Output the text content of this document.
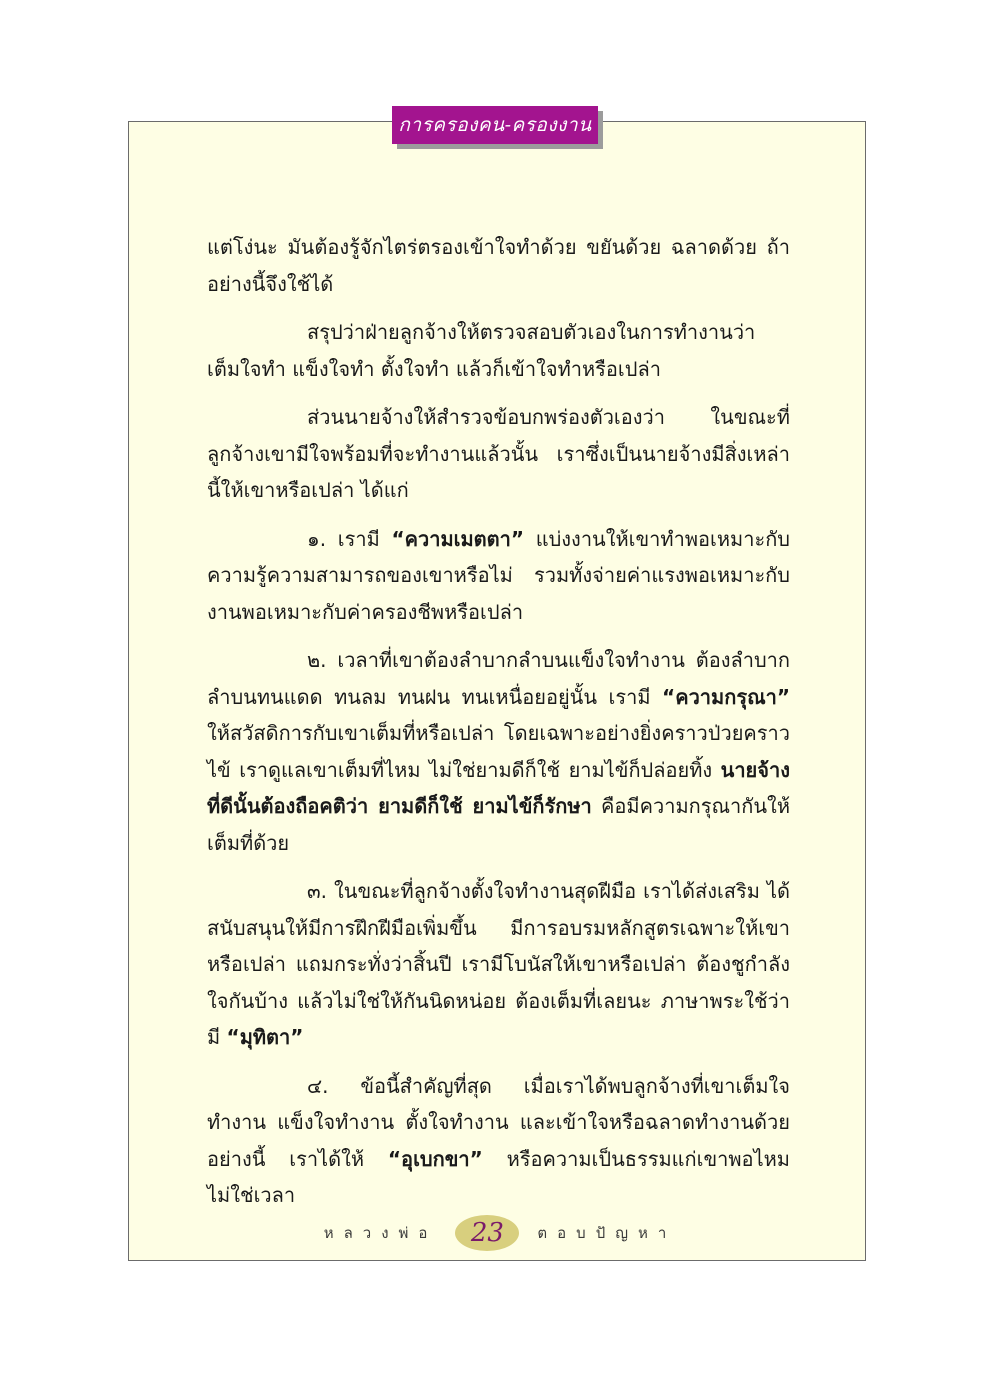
การครองคน-ครองงาน

แต่โง่นะ มันต้องรู้จักไตร่ตรองเข้าใจทำด้วย ขยันด้วย ฉลาดด้วย ถ้าอย่างนี้จึงใช้ได้

สรุปว่าฝ่ายลูกจ้างให้ตรวจสอบตัวเองในการทำงานว่า เต็มใจทำ แข็งใจทำ ตั้งใจทำ แล้วก็เข้าใจทำหรือเปล่า

ส่วนนายจ้างให้สำรวจข้อบกพร่องตัวเองว่า ในขณะที่ลูกจ้างเขามีใจพร้อมที่จะทำงานแล้วนั้น เราซึ่งเป็นนายจ้างมีสิ่งเหล่านี้ให้เขาหรือเปล่า ได้แก่

๑. เรามี “ความเมตตา” แบ่งงานให้เขาทำพอเหมาะกับความรู้ความสามารถของเขาหรือไม่ รวมทั้งจ่ายค่าแรงพอเหมาะกับงานพอเหมาะกับค่าครองชีพหรือเปล่า

๒. เวลาที่เขาต้องลำบากลำบนแข็งใจทำงาน ต้องลำบากลำบนทนแดด ทนลม ทนฝน ทนเหนื่อยอยู่นั้น เรามี “ความกรุณา” ให้สวัสดิการกับเขาเต็มที่หรือเปล่า โดยเฉพาะอย่างยิ่งคราวป่วยคราวไข้ เราดูแลเขาเต็มที่ไหม ไม่ใช่ยามดีก็ใช้ ยามไข้ก็ปล่อยทิ้ง นายจ้างที่ดีนั้นต้องถือคติว่า ยามดีก็ใช้ ยามไข้ก็รักษา คือมีความกรุณากันให้เต็มที่ด้วย

๓. ในขณะที่ลูกจ้างตั้งใจทำงานสุดฝีมือ เราได้ส่งเสริม ได้สนับสนุนให้มีการฝึกฝีมือเพิ่มขึ้น มีการอบรมหลักสูตรเฉพาะให้เขาหรือเปล่า แถมกระทั่งว่าสิ้นปี เรามีโบนัสให้เขาหรือเปล่า ต้องชูกำลังใจกันบ้าง แล้วไม่ใช่ให้กันนิดหน่อย ต้องเต็มที่เลยนะ ภาษาพระใช้ว่ามี “มุทิตา”

๔. ข้อนี้สำคัญที่สุด เมื่อเราได้พบลูกจ้างที่เขาเต็มใจทำงาน แข็งใจทำงาน ตั้งใจทำงาน และเข้าใจหรือฉลาดทำงานด้วยอย่างนี้ เราได้ให้ “อุเบกขา” หรือความเป็นธรรมแก่เขาพอไหม ไม่ใช่เวลา

หลวงพ่อ 23 ตอบปัญหา
